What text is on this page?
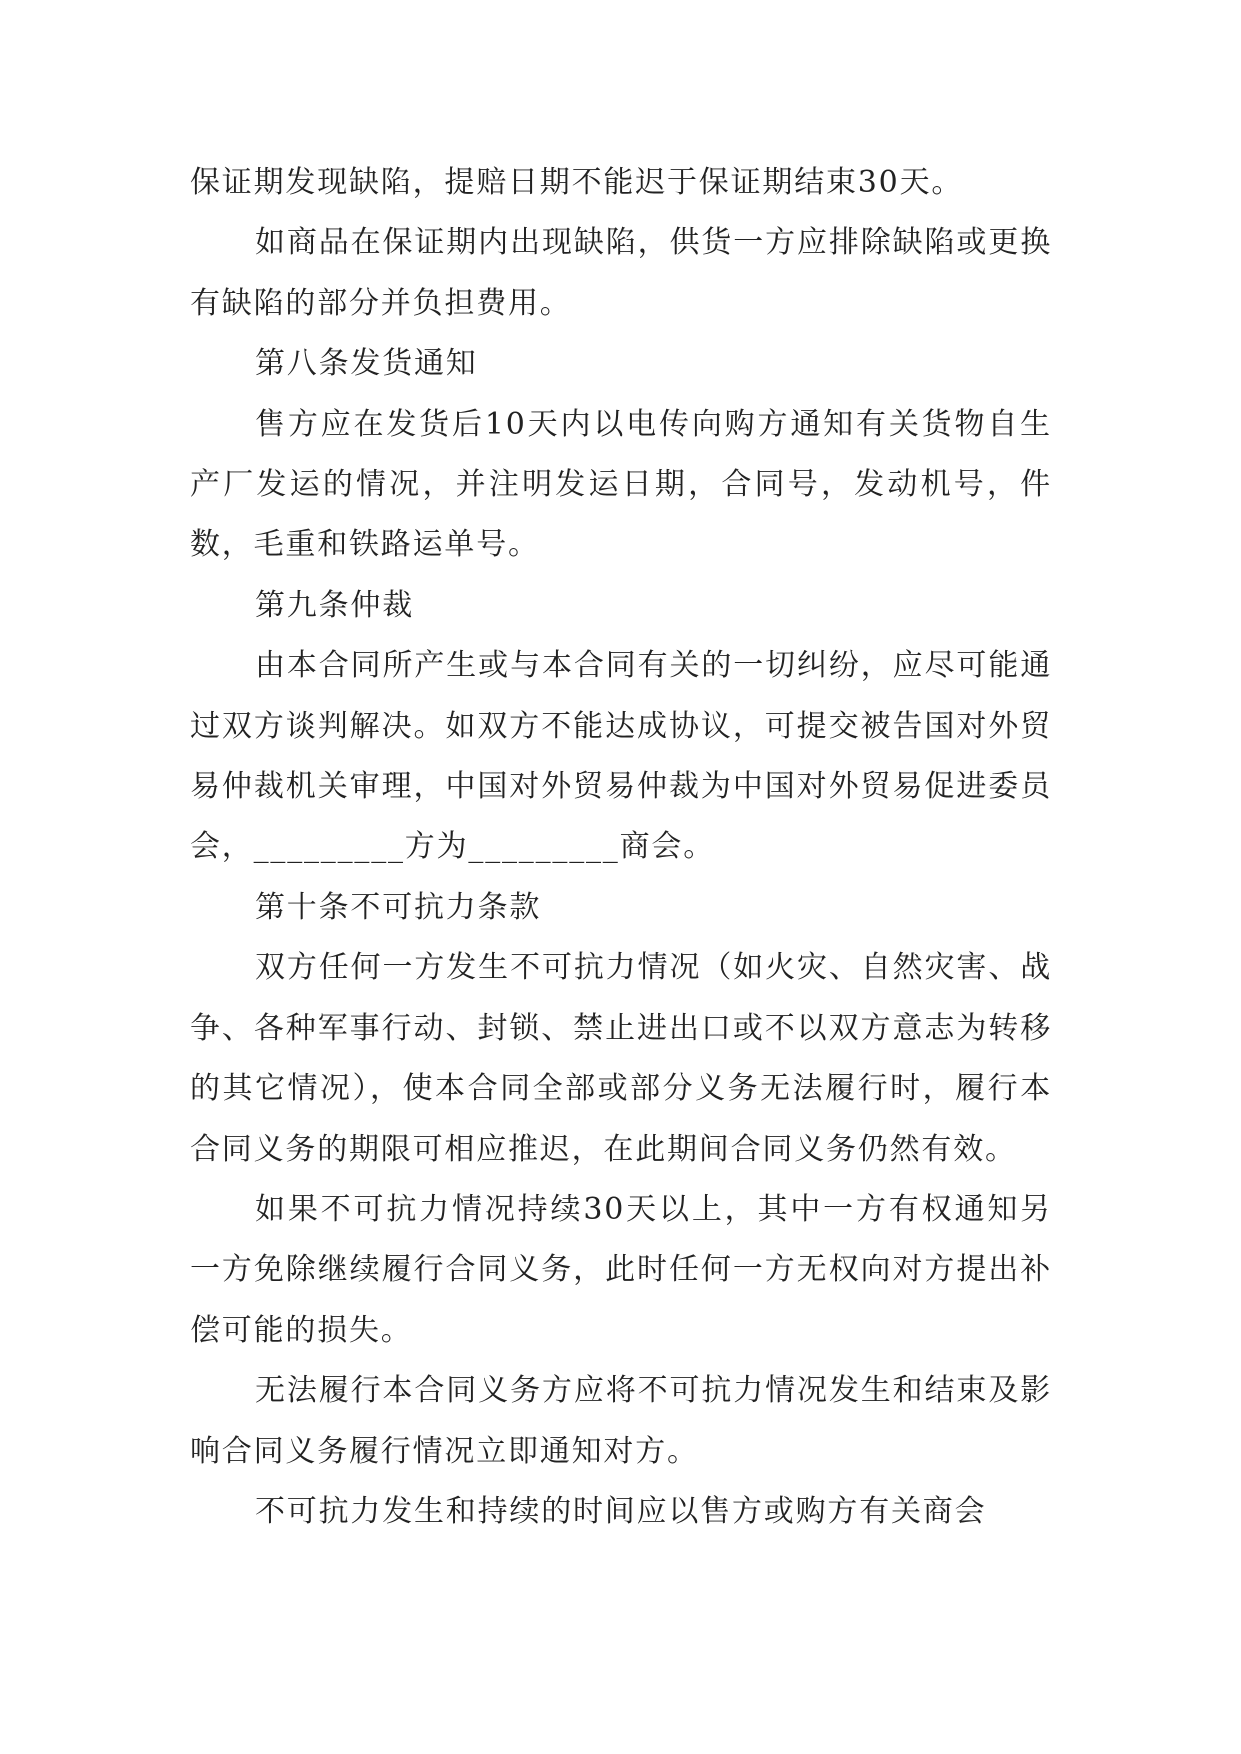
保证期发现缺陷，提赔日期不能迟于保证期结束30天。

如商品在保证期内出现缺陷，供货一方应排除缺陷或更换有缺陷的部分并负担费用。

第八条发货通知

售方应在发货后10天内以电传向购方通知有关货物自生产厂发运的情况，并注明发运日期，合同号，发动机号，件数，毛重和铁路运单号。

第九条仲裁

由本合同所产生或与本合同有关的一切纠纷，应尽可能通过双方谈判解决。如双方不能达成协议，可提交被告国对外贸易仲裁机关审理，中国对外贸易仲裁为中国对外贸易促进委员会，_________方为_________商会。

第十条不可抗力条款

双方任何一方发生不可抗力情况（如火灾、自然灾害、战争、各种军事行动、封锁、禁止进出口或不以双方意志为转移的其它情况），使本合同全部或部分义务无法履行时，履行本合同义务的期限可相应推迟，在此期间合同义务仍然有效。

如果不可抗力情况持续30天以上，其中一方有权通知另一方免除继续履行合同义务，此时任何一方无权向对方提出补偿可能的损失。

无法履行本合同义务方应将不可抗力情况发生和结束及影响合同义务履行情况立即通知对方。

不可抗力发生和持续的时间应以售方或购方有关商会
